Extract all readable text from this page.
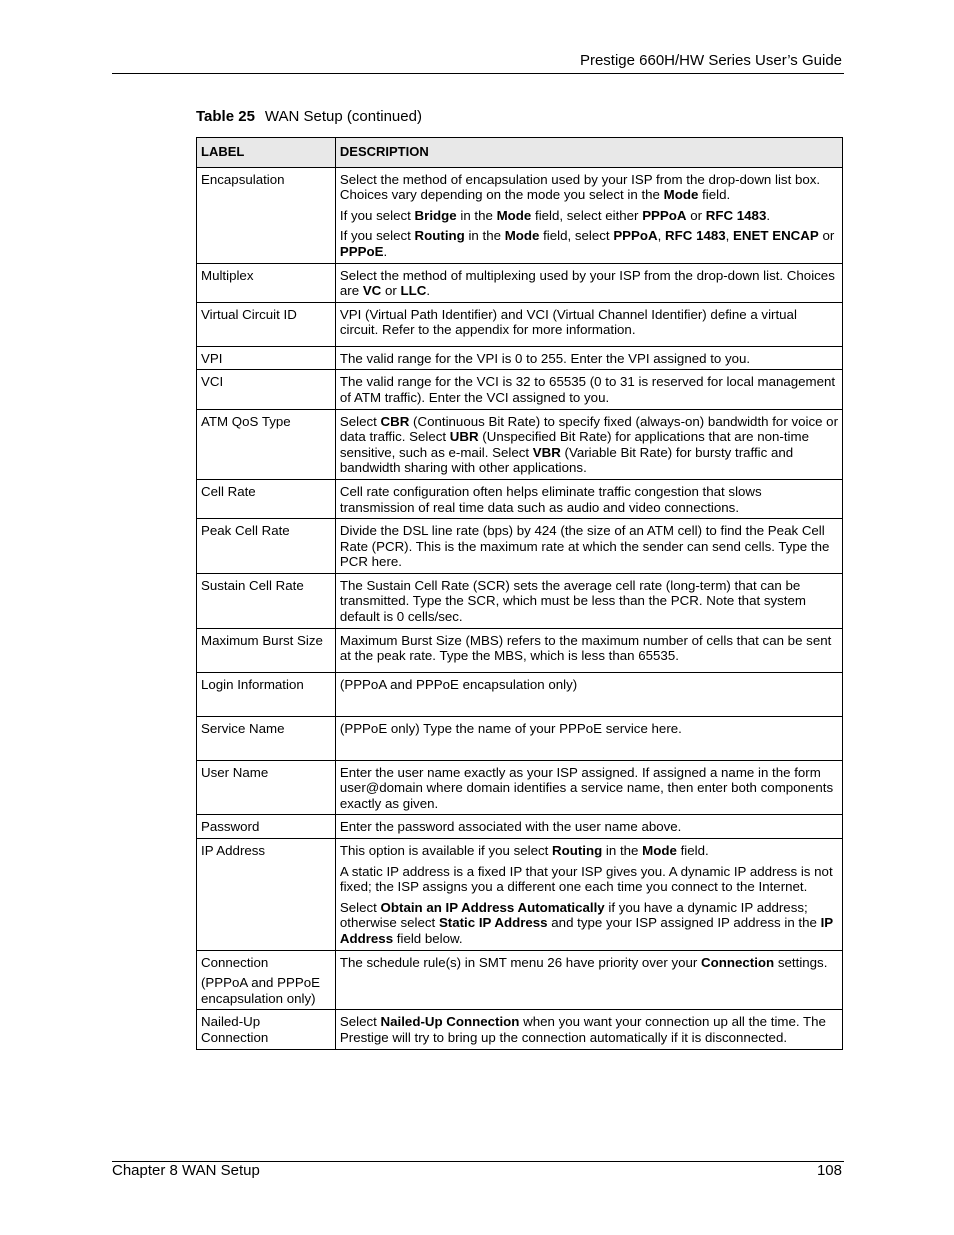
Prestige 660H/HW Series User’s Guide
Table 25 WAN Setup (continued)
LABEL	DESCRIPTION

Encapsulation	Select the method of encapsulation used by your ISP from the drop-down list box. Choices vary depending on the mode you select in the Mode field.

If you select Bridge in the Mode field, select either PPPoA or RFC 1483.

If you select Routing in the Mode field, select PPPoA, RFC 1483, ENET ENCAP or PPPoE.

Multiplex	Select the method of multiplexing used by your ISP from the drop-down list. Choices are VC or LLC.

Virtual Circuit ID	VPI (Virtual Path Identifier) and VCI (Virtual Channel Identifier) define a virtual circuit. Refer to the appendix for more information.

VPI	The valid range for the VPI is 0 to 255. Enter the VPI assigned to you.

VCI	The valid range for the VCI is 32 to 65535 (0 to 31 is reserved for local management of ATM traffic). Enter the VCI assigned to you.

ATM QoS Type	Select CBR (Continuous Bit Rate) to specify fixed (always-on) bandwidth for voice or data traffic. Select UBR (Unspecified Bit Rate) for applications that are non-time sensitive, such as e-mail. Select VBR (Variable Bit Rate) for bursty traffic and bandwidth sharing with other applications.

Cell Rate	Cell rate configuration often helps eliminate traffic congestion that slows transmission of real time data such as audio and video connections.

Peak Cell Rate	Divide the DSL line rate (bps) by 424 (the size of an ATM cell) to find the Peak Cell Rate (PCR). This is the maximum rate at which the sender can send cells. Type the PCR here.

Sustain Cell Rate	The Sustain Cell Rate (SCR) sets the average cell rate (long-term) that can be transmitted. Type the SCR, which must be less than the PCR. Note that system default is 0 cells/sec.

Maximum Burst Size	Maximum Burst Size (MBS) refers to the maximum number of cells that can be sent at the peak rate. Type the MBS, which is less than 65535.

Login Information	(PPPoA and PPPoE encapsulation only)

Service Name	(PPPoE only) Type the name of your PPPoE service here.

User Name	Enter the user name exactly as your ISP assigned. If assigned a name in the form user@domain where domain identifies a service name, then enter both components exactly as given.

Password	Enter the password associated with the user name above.

IP Address	This option is available if you select Routing in the Mode field.

A static IP address is a fixed IP that your ISP gives you. A dynamic IP address is not fixed; the ISP assigns you a different one each time you connect to the Internet.

Select Obtain an IP Address Automatically if you have a dynamic IP address; otherwise select Static IP Address and type your ISP assigned IP address in the IP Address field below.

Connection

(PPPoA and PPPoE encapsulation only)	The schedule rule(s) in SMT menu 26 have priority over your Connection settings.

Nailed-Up Connection	Select Nailed-Up Connection when you want your connection up all the time. The Prestige will try to bring up the connection automatically if it is disconnected.

Chapter 8 WAN Setup	108
